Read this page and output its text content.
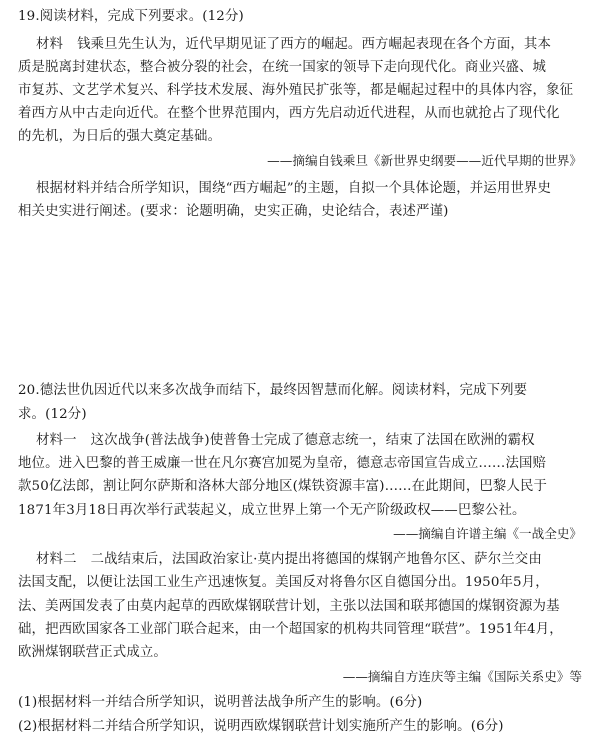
19.阅读材料，完成下列要求。(12分)
材料 钱乘旦先生认为，近代早期见证了西方的崛起。西方崛起表现在各个方面，其本
质是脱离封建状态，整合被分裂的社会，在统一国家的领导下走向现代化。商业兴盛、城
市复苏、文艺学术复兴、科学技术发展、海外殖民扩张等，都是崛起过程中的具体内容，象征
着西方从中古走向近代。在整个世界范围内，西方先启动近代进程，从而也就抢占了现代化
的先机，为日后的强大奠定基础。
——摘编自钱乘旦《新世界史纲要——近代早期的世界》
根据材料并结合所学知识，围绕“西方崛起”的主题，自拟一个具体论题，并运用世界史
相关史实进行阐述。(要求：论题明确，史实正确，史论结合，表述严谨)
20.德法世仇因近代以来多次战争而结下，最终因智慧而化解。阅读材料，完成下列要
求。(12分)
材料一 这次战争(普法战争)使普鲁士完成了德意志统一，结束了法国在欧洲的霸权
地位。进入巴黎的普王威廉一世在凡尔赛宫加冕为皇帝，德意志帝国宣告成立……法国赔
款50亿法郎，割让阿尔萨斯和洛林大部分地区(煤铁资源丰富)……在此期间，巴黎人民于
1871年3月18日再次举行武装起义，成立世界上第一个无产阶级政权——巴黎公社。
——摘编自许谱主编《一战全史》
材料二 二战结束后，法国政治家让·莫内提出将德国的煤钢产地鲁尔区、萨尔兰交由
法国支配，以便让法国工业生产迅速恢复。美国反对将鲁尔区自德国分出。1950年5月，
法、美两国发表了由莫内起草的西欧煤钢联营计划，主张以法国和联邦德国的煤钢资源为基
础，把西欧国家各工业部门联合起来，由一个超国家的机构共同管理“联营”。1951年4月，
欧洲煤钢联营正式成立。
——摘编自方连庆等主编《国际关系史》等
(1)根据材料一并结合所学知识，说明普法战争所产生的影响。(6分)
(2)根据材料二并结合所学知识，说明西欧煤钢联营计划实施所产生的影响。(6分)
